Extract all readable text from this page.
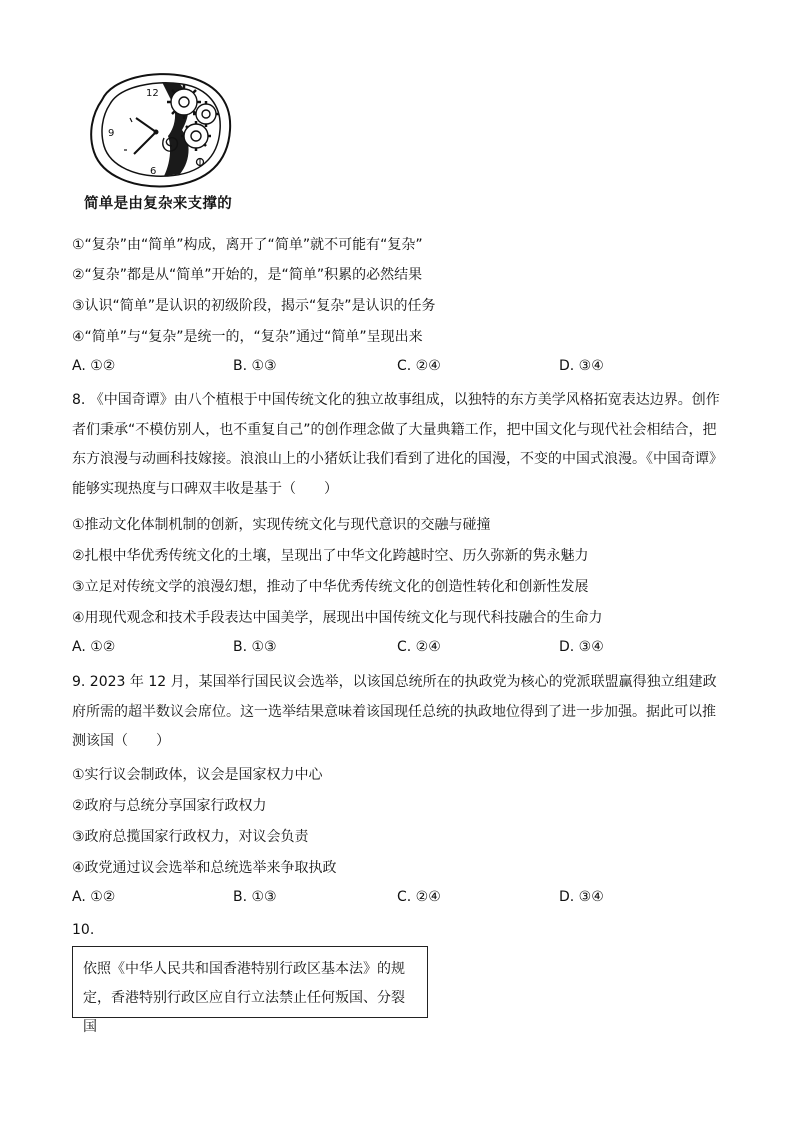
12
9
6
简单是由复杂来支撑的
①“复杂”由“简单”构成，离开了“简单”就不可能有“复杂”
②“复杂”都是从“简单”开始的，是“简单”积累的必然结果
③认识“简单”是认识的初级阶段，揭示“复杂”是认识的任务
④“简单”与“复杂”是统一的，“复杂”通过“简单”呈现出来
A. ①②	B. ①③	C. ②④	D. ③④
8. 《中国奇谭》由八个植根于中国传统文化的独立故事组成，以独特的东方美学风格拓宽表达边界。创作者们秉承“不模仿别人，也不重复自己”的创作理念做了大量典籍工作，把中国文化与现代社会相结合，把东方浪漫与动画科技嫁接。浪浪山上的小猪妖让我们看到了进化的国漫，不变的中国式浪漫。《中国奇谭》能够实现热度与口碑双丰收是基于（　　）
①推动文化体制机制的创新，实现传统文化与现代意识的交融与碰撞
②扎根中华优秀传统文化的土壤，呈现出了中华文化跨越时空、历久弥新的隽永魅力
③立足对传统文学的浪漫幻想，推动了中华优秀传统文化的创造性转化和创新性发展
④用现代观念和技术手段表达中国美学，展现出中国传统文化与现代科技融合的生命力
A. ①②	B. ①③	C. ②④	D. ③④
9. 2023 年 12 月，某国举行国民议会选举，以该国总统所在的执政党为核心的党派联盟赢得独立组建政府所需的超半数议会席位。这一选举结果意味着该国现任总统的执政地位得到了进一步加强。据此可以推测该国（　　）
①实行议会制政体，议会是国家权力中心
②政府与总统分享国家行政权力
③政府总揽国家行政权力，对议会负责
④政党通过议会选举和总统选举来争取执政
A. ①②	B. ①③	C. ②④	D. ③④
10.
依照《中华人民共和国香港特别行政区基本法》的规定，香港特别行政区应自行立法禁止任何叛国、分裂国
